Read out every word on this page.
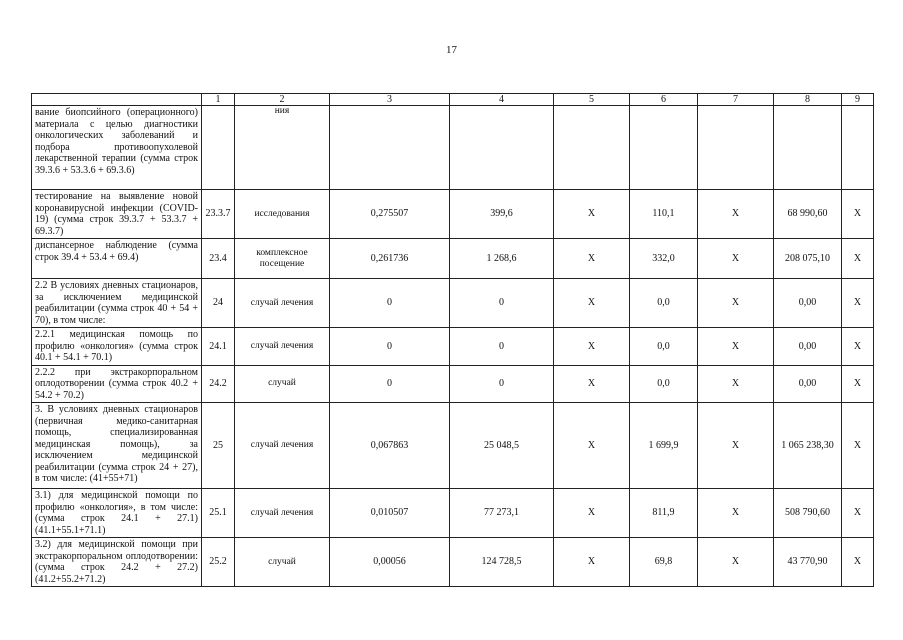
17
	1	2	3	4	5	6	7	8	9
вание биопсийного (операционного) материала с целью диагностики онкологических заболеваний и подбора противоопухолевой лекарственной терапии (сумма строк 39.3.6 + 53.3.6 + 69.3.6)		ния							
тестирование на выявление новой коронавирусной инфекции (COVID-19) (сумма строк 39.3.7 + 53.3.7 + 69.3.7)	23.3.7	исследования	0,275507	399,6	Х	110,1	Х	68 990,60	Х
диспансерное наблюдение (сумма строк 39.4 + 53.4 + 69.4)	23.4	комплексное посещение	0,261736	1 268,6	Х	332,0	Х	208 075,10	Х
2.2 В условиях дневных стационаров, за исключением медицинской реабилитации (сумма строк 40 + 54 + 70), в том числе:	24	случай лечения	0	0	Х	0,0	Х	0,00	Х
2.2.1 медицинская помощь по профилю «онкология» (сумма строк 40.1 + 54.1 + 70.1)	24.1	случай лечения	0	0	Х	0,0	Х	0,00	Х
2.2.2 при экстракорпоральном оплодотворении (сумма строк 40.2 + 54.2 + 70.2)	24.2	случай	0	0	Х	0,0	Х	0,00	Х
3. В условиях дневных стационаров (первичная медико-санитарная помощь, специализированная медицинская помощь), за исключением медицинской реабилитации (сумма строк 24 + 27), в том числе: (41+55+71)	25	случай лечения	0,067863	25 048,5	Х	1 699,9	Х	1 065 238,30	Х
3.1) для медицинской помощи по профилю «онкология», в том числе: (сумма строк 24.1 + 27.1) (41.1+55.1+71.1)	25.1	случай лечения	0,010507	77 273,1	Х	811,9	Х	508 790,60	Х
3.2) для медицинской помощи при экстракорпоральном оплодотворении: (сумма строк 24.2 + 27.2) (41.2+55.2+71.2)	25.2	случай	0,00056	124 728,5	Х	69,8	Х	43 770,90	Х
